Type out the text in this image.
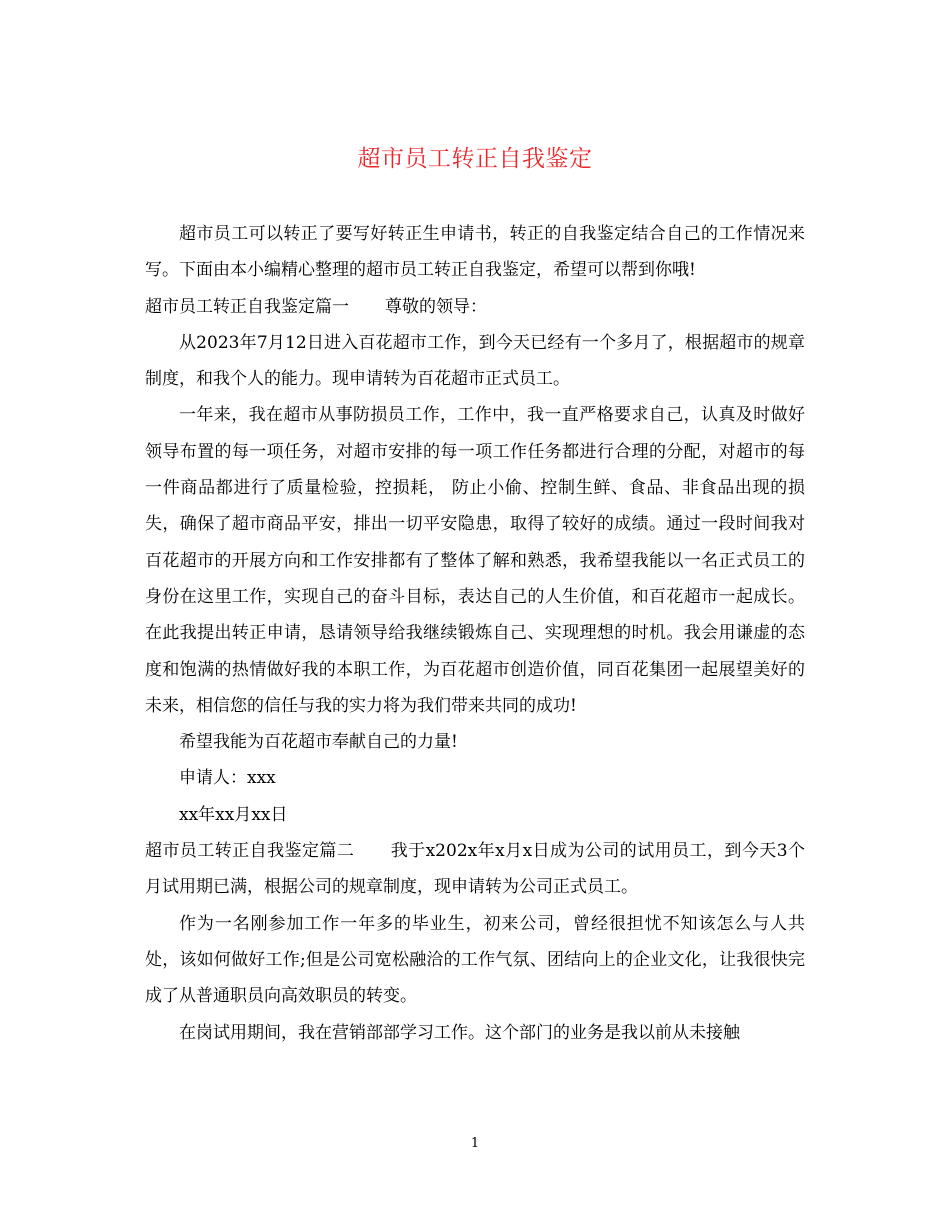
超市员工转正自我鉴定

超市员工可以转正了要写好转正生申请书，转正的自我鉴定结合自己的工作情况来写。下面由本小编精心整理的超市员工转正自我鉴定，希望可以帮到你哦!

超市员工转正自我鉴定篇一 尊敬的领导：

从2023年7月12日进入百花超市工作，到今天已经有一个多月了，根据超市的规章制度，和我个人的能力。现申请转为百花超市正式员工。

一年来，我在超市从事防损员工作，工作中，我一直严格要求自己，认真及时做好领导布置的每一项任务，对超市安排的每一项工作任务都进行合理的分配，对超市的每一件商品都进行了质量检验，控损耗， 防止小偷、控制生鲜、食品、非食品出现的损失，确保了超市商品平安，排出一切平安隐患，取得了较好的成绩。通过一段时间我对百花超市的开展方向和工作安排都有了整体了解和熟悉，我希望我能以一名正式员工的身份在这里工作，实现自己的奋斗目标，表达自己的人生价值，和百花超市一起成长。在此我提出转正申请，恳请领导给我继续锻炼自己、实现理想的时机。我会用谦虚的态度和饱满的热情做好我的本职工作，为百花超市创造价值，同百花集团一起展望美好的未来，相信您的信任与我的实力将为我们带来共同的成功!

希望我能为百花超市奉献自己的力量!

申请人：xxx

xx年xx月xx日

超市员工转正自我鉴定篇二 我于x202x年x月x日成为公司的试用员工，到今天3个月试用期已满，根据公司的规章制度，现申请转为公司正式员工。

作为一名刚参加工作一年多的毕业生，初来公司，曾经很担忧不知该怎么与人共处，该如何做好工作;但是公司宽松融洽的工作气氛、团结向上的企业文化，让我很快完成了从普通职员向高效职员的转变。

在岗试用期间，我在营销部部学习工作。这个部门的业务是我以前从未接触

1
